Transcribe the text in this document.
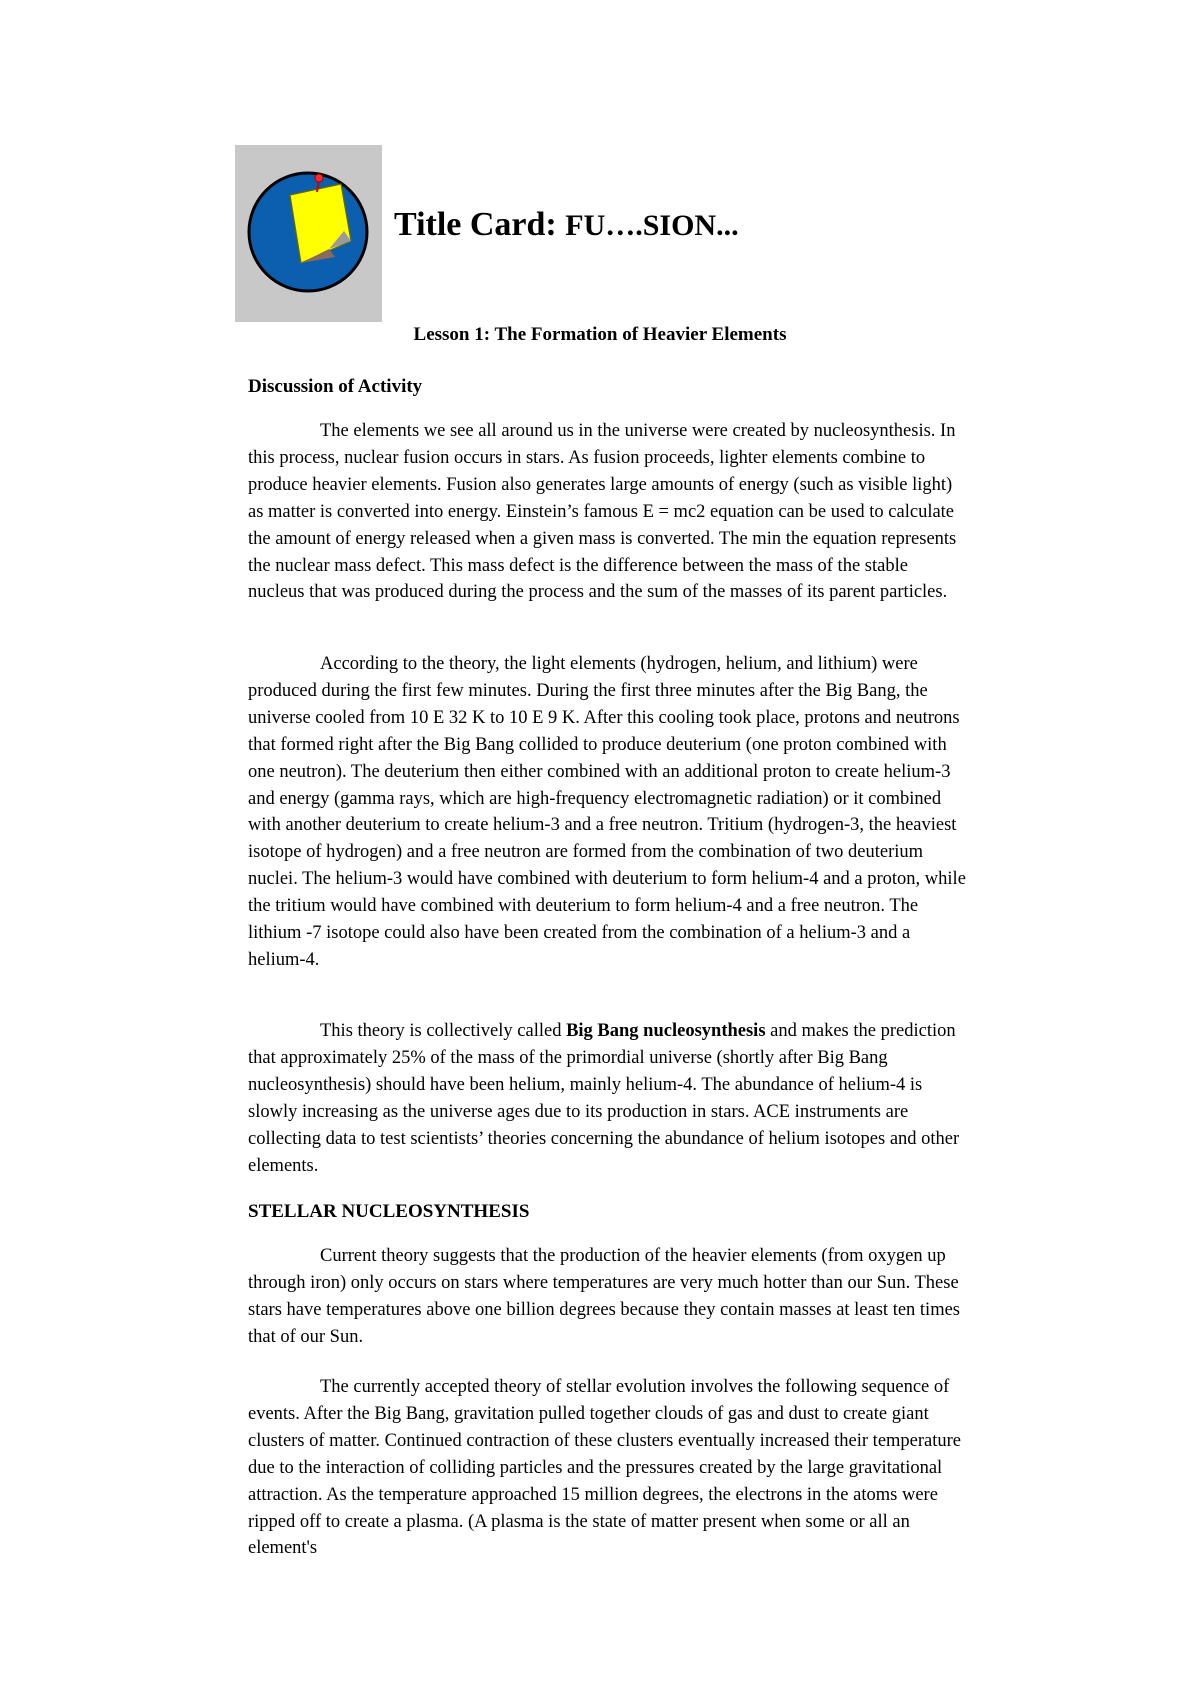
Title Card: FU….SION...
Lesson 1: The Formation of Heavier Elements
Discussion of Activity

The elements we see all around us in the universe were created by nucleosynthesis. In this process, nuclear fusion occurs in stars. As fusion proceeds, lighter elements combine to produce heavier elements. Fusion also generates large amounts of energy (such as visible light) as matter is converted into energy. Einstein’s famous E = mc2 equation can be used to calculate the amount of energy released when a given mass is converted. The min the equation represents the nuclear mass defect. This mass defect is the difference between the mass of the stable nucleus that was produced during the process and the sum of the masses of its parent particles.

According to the theory, the light elements (hydrogen, helium, and lithium) were produced during the first few minutes. During the first three minutes after the Big Bang, the universe cooled from 10 E 32 K to 10 E 9 K. After this cooling took place, protons and neutrons that formed right after the Big Bang collided to produce deuterium (one proton combined with one neutron). The deuterium then either combined with an additional proton to create helium-3 and energy (gamma rays, which are high-frequency electromagnetic radiation) or it combined with another deuterium to create helium-3 and a free neutron. Tritium (hydrogen-3, the heaviest isotope of hydrogen) and a free neutron are formed from the combination of two deuterium nuclei. The helium-3 would have combined with deuterium to form helium-4 and a proton, while the tritium would have combined with deuterium to form helium-4 and a free neutron. The lithium -7 isotope could also have been created from the combination of a helium-3 and a helium-4.

This theory is collectively called Big Bang nucleosynthesis and makes the prediction that approximately 25% of the mass of the primordial universe (shortly after Big Bang nucleosynthesis) should have been helium, mainly helium-4. The abundance of helium-4 is slowly increasing as the universe ages due to its production in stars. ACE instruments are collecting data to test scientists’ theories concerning the abundance of helium isotopes and other elements.

STELLAR NUCLEOSYNTHESIS

Current theory suggests that the production of the heavier elements (from oxygen up through iron) only occurs on stars where temperatures are very much hotter than our Sun. These stars have temperatures above one billion degrees because they contain masses at least ten times that of our Sun.

The currently accepted theory of stellar evolution involves the following sequence of events. After the Big Bang, gravitation pulled together clouds of gas and dust to create giant clusters of matter. Continued contraction of these clusters eventually increased their temperature due to the interaction of colliding particles and the pressures created by the large gravitational attraction. As the temperature approached 15 million degrees, the electrons in the atoms were ripped off to create a plasma. (A plasma is the state of matter present when some or all an element's
